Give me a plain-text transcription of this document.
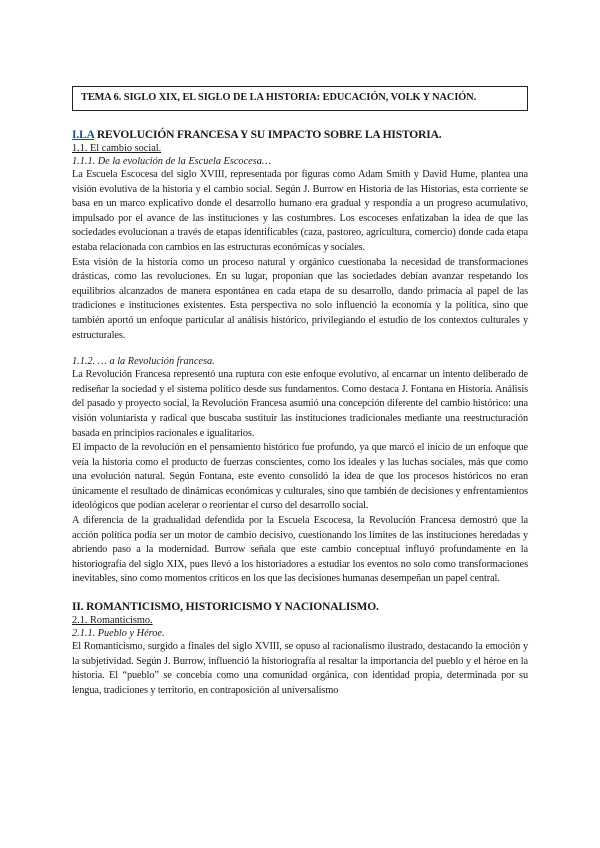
TEMA 6. SIGLO XIX, EL SIGLO DE LA HISTORIA: EDUCACIÓN, VOLK Y NACIÓN.
I.LA REVOLUCIÓN FRANCESA Y SU IMPACTO SOBRE LA HISTORIA.
1.1. El cambio social.
1.1.1. De la evolución de la Escuela Escocesa…

La Escuela Escocesa del siglo XVIII, representada por figuras como Adam Smith y David Hume, plantea una visión evolutiva de la historia y el cambio social. Según J. Burrow en Historia de las Historias, esta corriente se basa en un marco explicativo donde el desarrollo humano era gradual y respondía a un progreso acumulativo, impulsado por el avance de las instituciones y las costumbres. Los escoceses enfatizaban la idea de que las sociedades evolucionan a través de etapas identificables (caza, pastoreo, agricultura, comercio) donde cada etapa estaba relacionada con cambios en las estructuras económicas y sociales.

Esta visión de la historia como un proceso natural y orgánico cuestionaba la necesidad de transformaciones drásticas, como las revoluciones. En su lugar, proponían que las sociedades debían avanzar respetando los equilibrios alcanzados de manera espontánea en cada etapa de su desarrollo, dando primacía al papel de las tradiciones e instituciones existentes. Esta perspectiva no solo influenció la economía y la política, sino que también aportó un enfoque particular al análisis histórico, privilegiando el estudio de los contextos culturales y estructurales.

1.1.2. … a la Revolución francesa.

La Revolución Francesa representó una ruptura con este enfoque evolutivo, al encarnar un intento deliberado de rediseñar la sociedad y el sistema político desde sus fundamentos. Como destaca J. Fontana en Historia. Análisis del pasado y proyecto social, la Revolución Francesa asumió una concepción diferente del cambio histórico: una visión voluntarista y radical que buscaba sustituir las instituciones tradicionales mediante una reestructuración basada en principios racionales e igualitarios.

El impacto de la revolución en el pensamiento histórico fue profundo, ya que marcó el inicio de un enfoque que veía la historia como el producto de fuerzas conscientes, como los ideales y las luchas sociales, más que como una evolución natural. Según Fontana, este evento consolidó la idea de que los procesos históricos no eran únicamente el resultado de dinámicas económicas y culturales, sino que también de decisiones y enfrentamientos ideológicos que podían acelerar o reorientar el curso del desarrollo social.

A diferencia de la gradualidad defendida por la Escuela Escocesa, la Revolución Francesa demostró que la acción política podía ser un motor de cambio decisivo, cuestionando los límites de las instituciones heredadas y abriendo paso a la modernidad. Burrow señala que este cambio conceptual influyó profundamente en la historiografía del siglo XIX, pues llevó a los historiadores a estudiar los eventos no solo como transformaciones inevitables, sino como momentos críticos en los que las decisiones humanas desempeñan un papel central.

II. ROMANTICISMO, HISTORICISMO Y NACIONALISMO.
2.1. Romanticismo.
2.1.1. Pueblo y Héroe.

El Romanticismo, surgido a finales del siglo XVIII, se opuso al racionalismo ilustrado, destacando la emoción y la subjetividad. Según J. Burrow, influenció la historiografía al resaltar la importancia del pueblo y el héroe en la historia. El “pueblo” se concebía como una comunidad orgánica, con identidad propia, determinada por su lengua, tradiciones y territorio, en contraposición al universalismo
